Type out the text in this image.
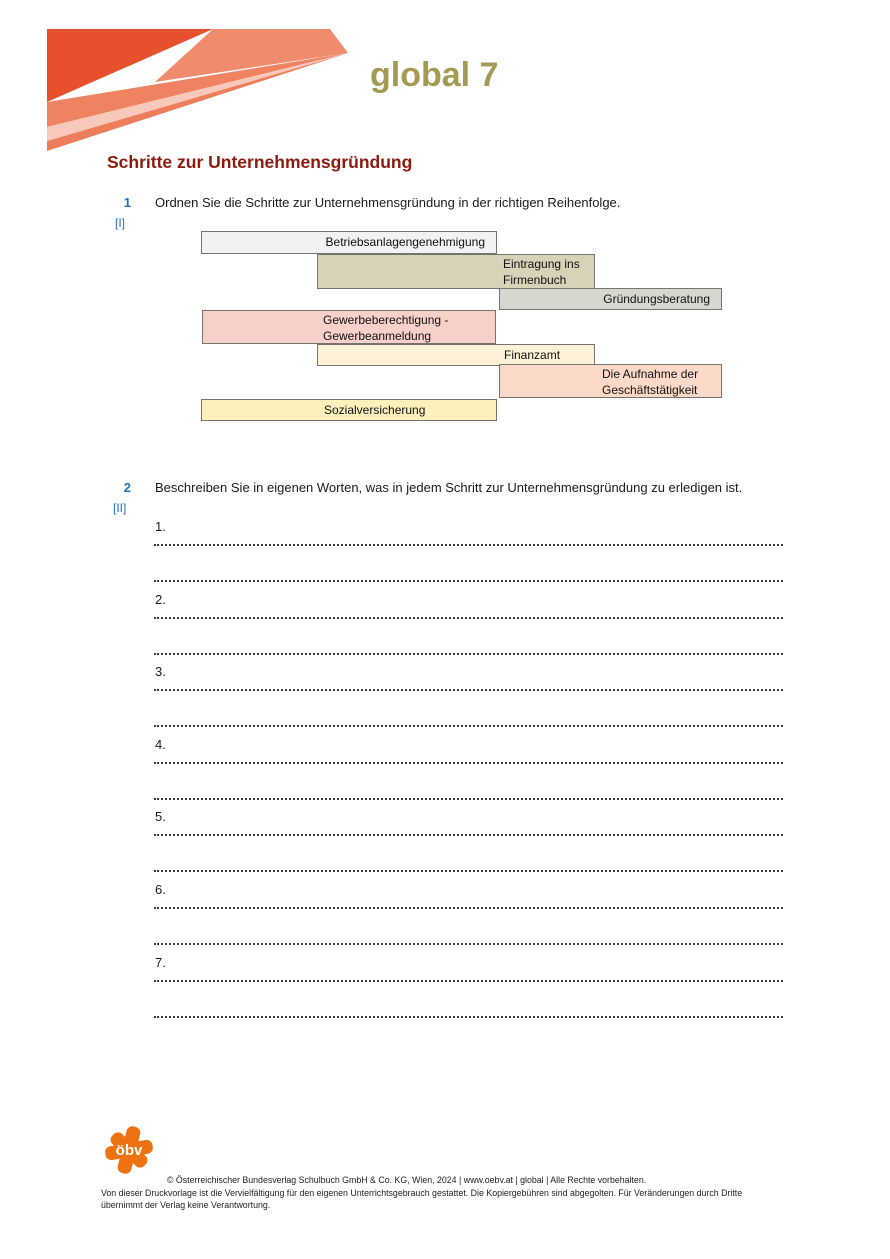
global 7
Schritte zur Unternehmensgründung
1
[I]
Ordnen Sie die Schritte zur Unternehmensgründung in der richtigen Reihenfolge.
Betriebsanlagengenehmigung
Eintragung ins Firmenbuch
Gründungsberatung
Gewerbeberechtigung - Gewerbeanmeldung
Finanzamt
Die Aufnahme der Geschäftstätigkeit
Sozialversicherung
2
[II]
Beschreiben Sie in eigenen Worten, was in jedem Schritt zur Unternehmensgründung zu erledigen ist.
1.
2.
3.
4.
5.
6.
7.
öbv
© Österreichischer Bundesverlag Schulbuch GmbH & Co. KG, Wien, 2024 | www.oebv.at | global | Alle Rechte vorbehalten.
Von dieser Druckvorlage ist die Vervielfältigung für den eigenen Unterrichtsgebrauch gestattet. Die Kopiergebühren sind abgegolten. Für Veränderungen durch Dritte übernimmt der Verlag keine Verantwortung.
